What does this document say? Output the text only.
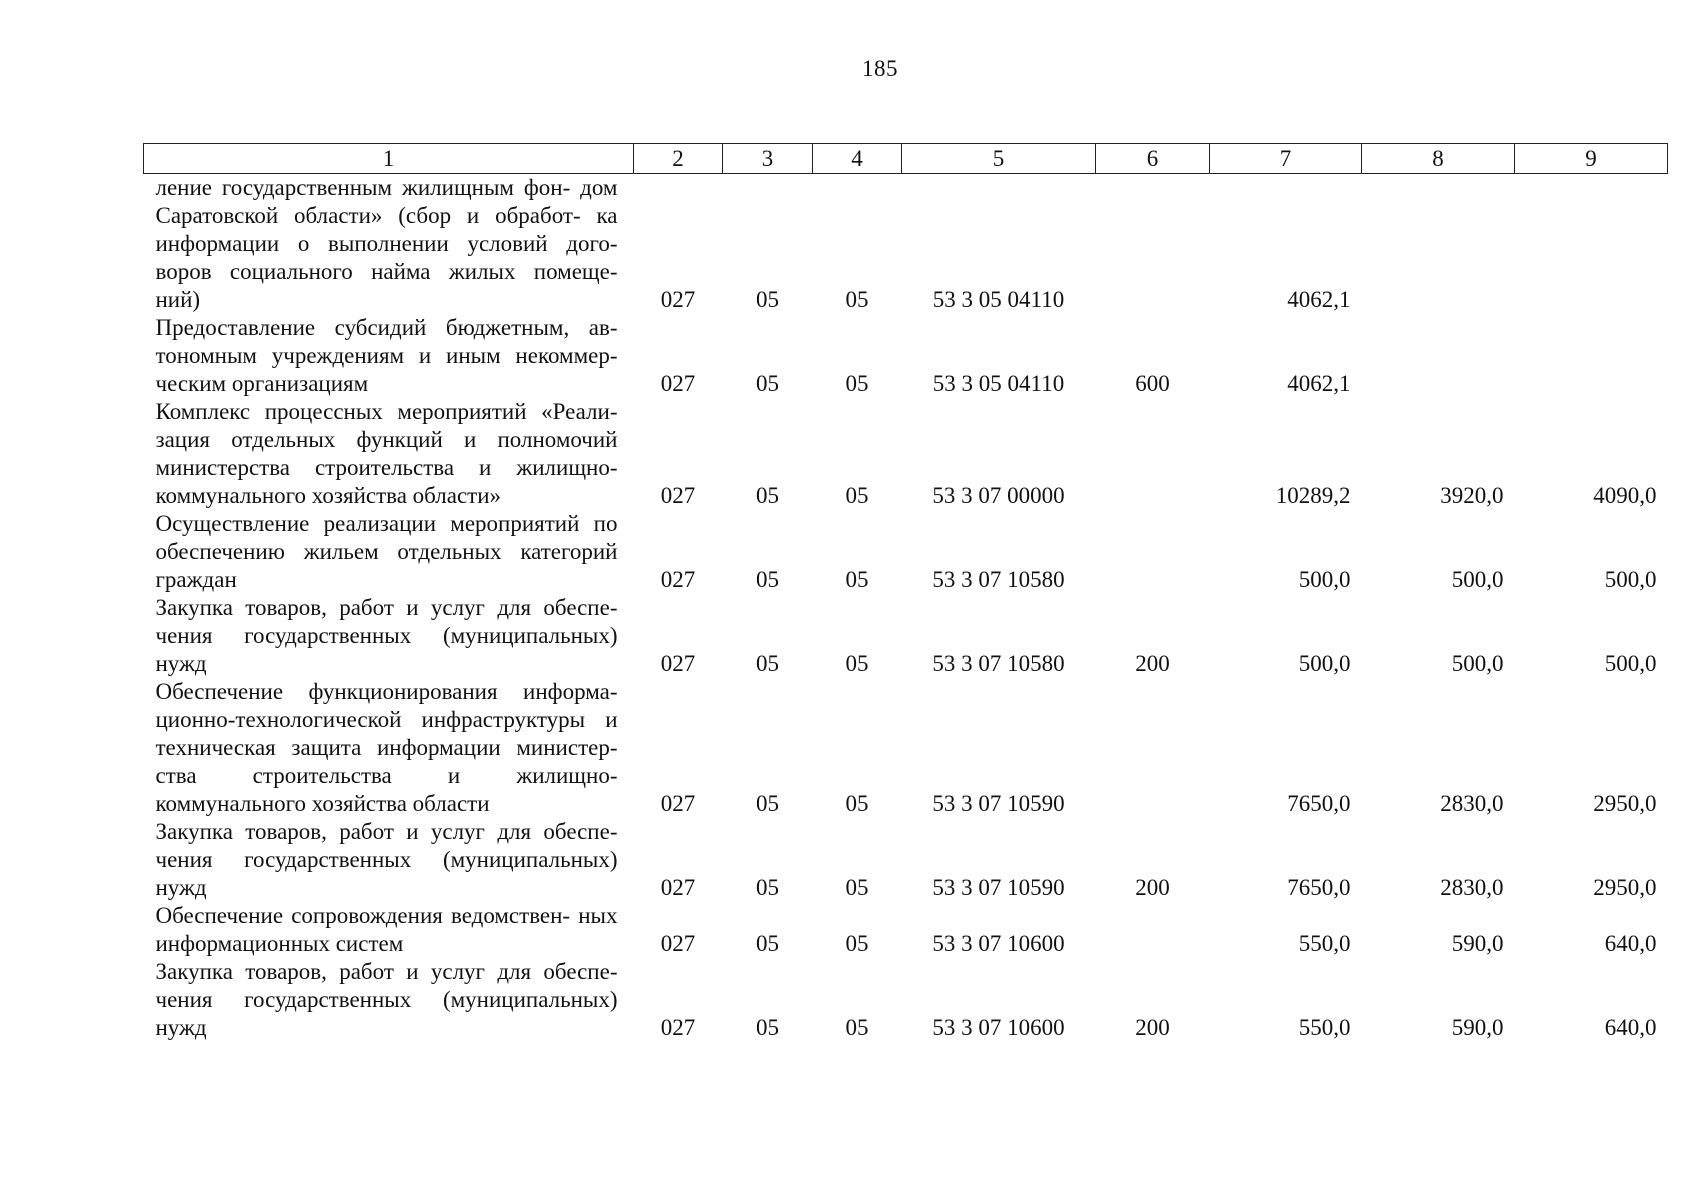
185
1	2	3	4	5	6	7	8	9
ление государственным жилищным фон- дом Саратовской области» (сбор и обработ- ка информации о выполнении условий дого- воров социального найма жилых помеще- ний)	027	05	05	53 3 05 04110		4062,1		
Предоставление субсидий бюджетным, ав- тономным учреждениям и иным некоммер- ческим организациям	027	05	05	53 3 05 04110	600	4062,1		
Комплекс процессных мероприятий «Реали- зация отдельных функций и полномочий министерства строительства и жилищно- коммунального хозяйства области»	027	05	05	53 3 07 00000		10289,2	3920,0	4090,0
Осуществление реализации мероприятий по обеспечению жильем отдельных категорий граждан	027	05	05	53 3 07 10580		500,0	500,0	500,0
Закупка товаров, работ и услуг для обеспе- чения государственных (муниципальных) нужд	027	05	05	53 3 07 10580	200	500,0	500,0	500,0
Обеспечение функционирования информа- ционно-технологической инфраструктуры и техническая защита информации министер- ства строительства и жилищно- коммунального хозяйства области	027	05	05	53 3 07 10590		7650,0	2830,0	2950,0
Закупка товаров, работ и услуг для обеспе- чения государственных (муниципальных) нужд	027	05	05	53 3 07 10590	200	7650,0	2830,0	2950,0
Обеспечение сопровождения ведомствен- ных информационных систем	027	05	05	53 3 07 10600		550,0	590,0	640,0
Закупка товаров, работ и услуг для обеспе- чения государственных (муниципальных) нужд	027	05	05	53 3 07 10600	200	550,0	590,0	640,0
